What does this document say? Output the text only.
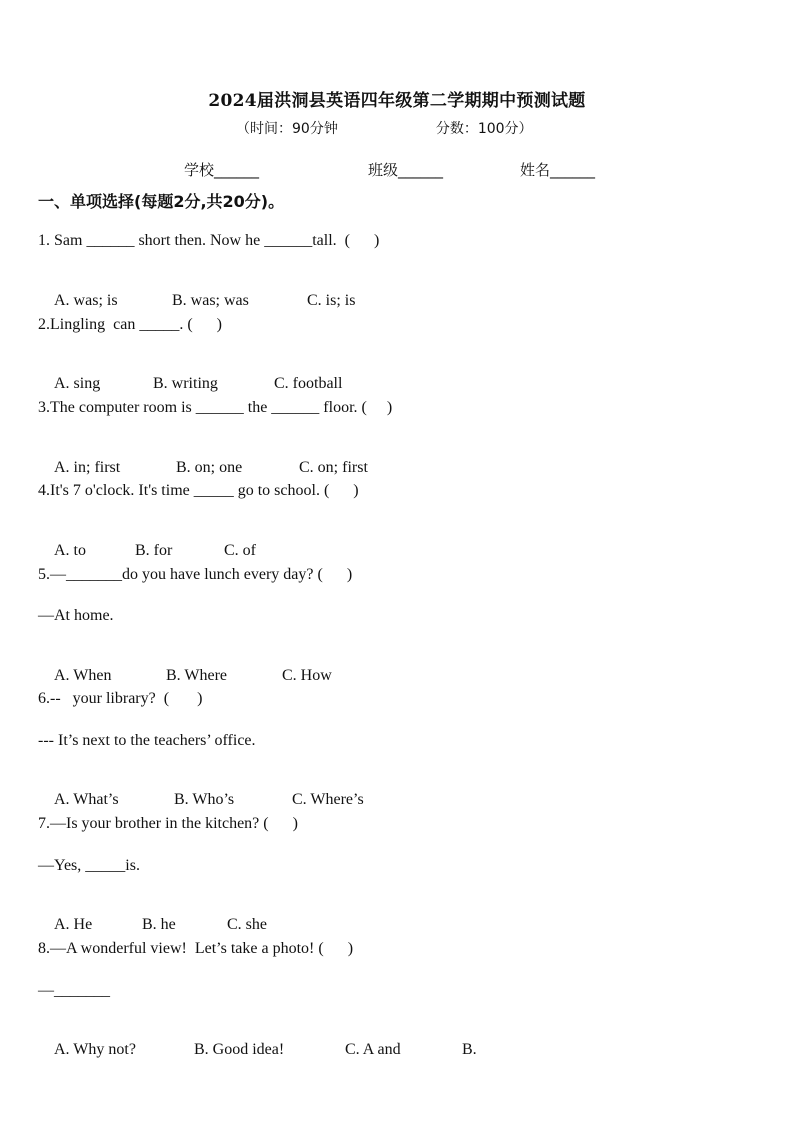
2024届洪洞县英语四年级第二学期期中预测试题
（时间：90分钟	分数：100分）
学校______	班级______	姓名______
一、单项选择(每题2分,共20分)。
1. Sam ______ short then. Now he ______tall.  (      )

A. was; is	B. was; was	C. is; is

2.Lingling  can _____. (      )

A. sing	B. writing	C. football

3.The computer room is ______ the ______ floor. (     )

A. in; first	B. on; one	C. on; first

4.It's 7 o'clock. It's time _____ go to school. (      )

A. to	B. for	C. of

5.—_______do you have lunch every day? (      )
—At home.

A. When	B. Where	C. How

6.--   your library?  (       )
--- It’s next to the teachers’ office.

A. What’s	B. Who’s	C. Where’s

7.—Is your brother in the kitchen? (      )
—Yes, _____is.

A. He	B. he	C. she

8.—A wonderful view!  Let’s take a photo! (      )
—_______

A. Why not?	B. Good idea!	C. A and	B.
